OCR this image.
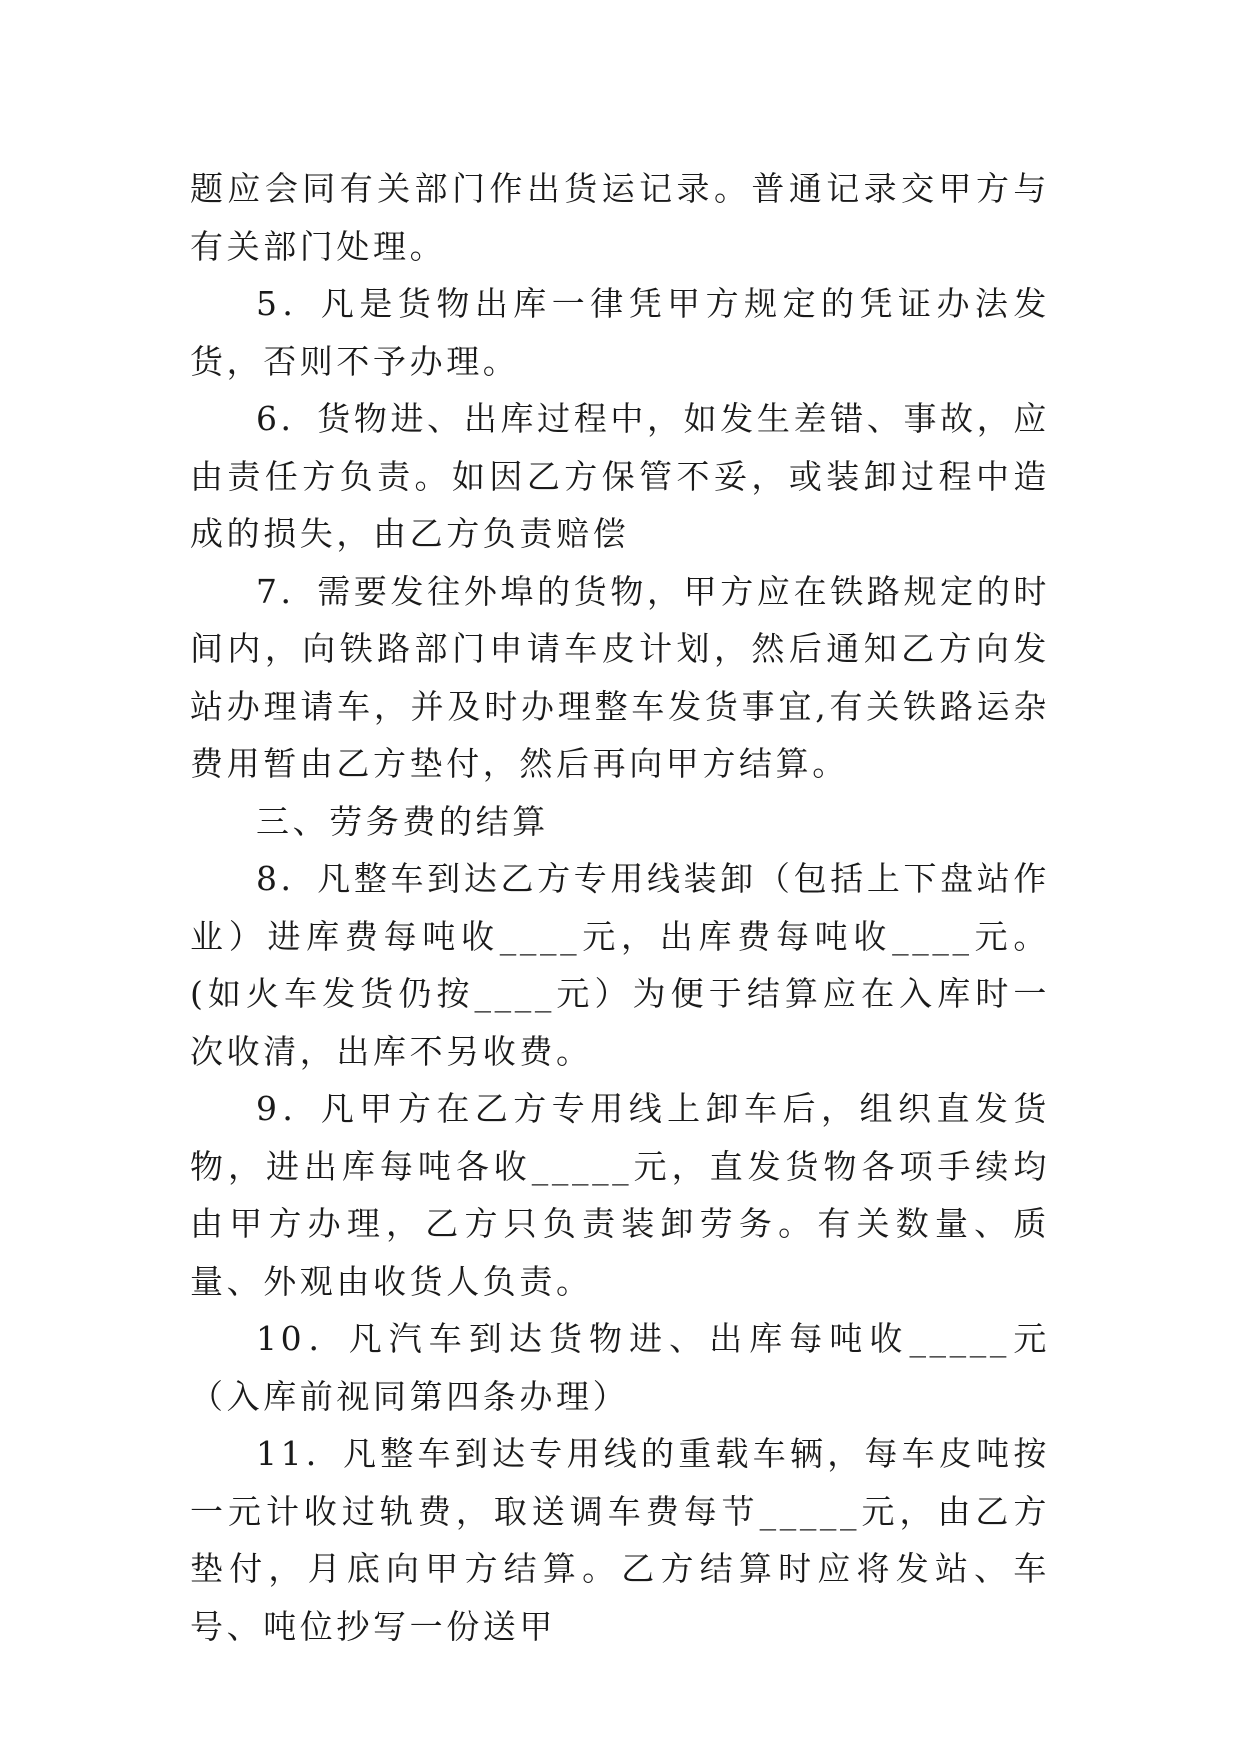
题应会同有关部门作出货运记录。普通记录交甲方与有关部门处理。

5．凡是货物出库一律凭甲方规定的凭证办法发货，否则不予办理。

6．货物进、出库过程中，如发生差错、事故，应由责任方负责。如因乙方保管不妥，或装卸过程中造成的损失，由乙方负责赔偿

7．需要发往外埠的货物，甲方应在铁路规定的时间内，向铁路部门申请车皮计划，然后通知乙方向发站办理请车，并及时办理整车发货事宜,有关铁路运杂费用暂由乙方垫付，然后再向甲方结算。

三、劳务费的结算

8．凡整车到达乙方专用线装卸（包括上下盘站作业）进库费每吨收____元，出库费每吨收____元。(如火车发货仍按____元）为便于结算应在入库时一次收清，出库不另收费。

9．凡甲方在乙方专用线上卸车后，组织直发货物，进出库每吨各收_____元，直发货物各项手续均由甲方办理，乙方只负责装卸劳务。有关数量、质量、外观由收货人负责。

10．凡汽车到达货物进、出库每吨收_____元（入库前视同第四条办理）

11．凡整车到达专用线的重载车辆，每车皮吨按一元计收过轨费，取送调车费每节_____元，由乙方垫付，月底向甲方结算。乙方结算时应将发站、车号、吨位抄写一份送甲
